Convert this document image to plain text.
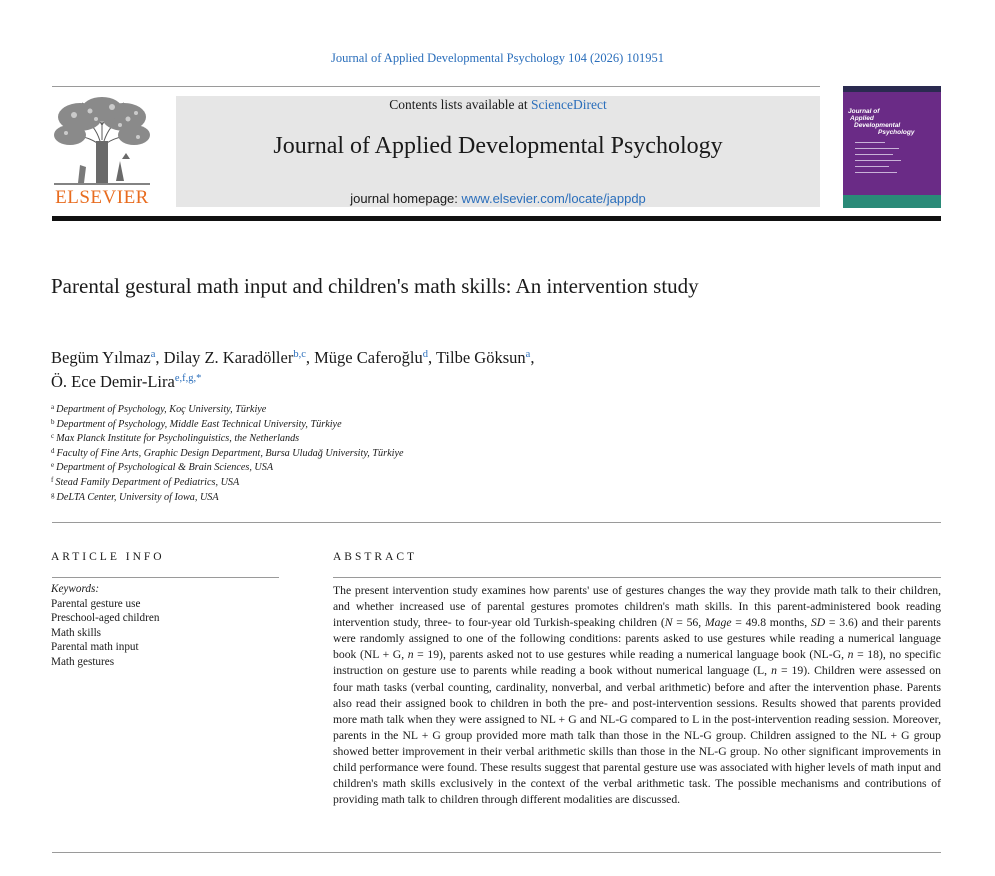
Journal of Applied Developmental Psychology 104 (2026) 101951
ELSEVIER
Contents lists available at ScienceDirect
Journal of Applied Developmental Psychology
journal homepage: www.elsevier.com/locate/jappdp
Journal of
Applied
Developmental
Psychology
Parental gestural math input and children's math skills: An intervention study
Begüm Yılmaz$^a$, Dilay Z. Karadöller$^{b,c}$, Müge Caferoğlu$^d$, Tilbe Göksun$^a$,
Ö. Ece Demir-Lira$^{e,f,g,*}$
$^a$ Department of Psychology, Koç University, Türkiye
$^b$ Department of Psychology, Middle East Technical University, Türkiye
$^c$ Max Planck Institute for Psycholinguistics, the Netherlands
$^d$ Faculty of Fine Arts, Graphic Design Department, Bursa Uludağ University, Türkiye
$^e$ Department of Psychological & Brain Sciences, USA
$^f$ Stead Family Department of Pediatrics, USA
$^g$ DeLTA Center, University of Iowa, USA
ARTICLE INFO
Keywords:
Parental gesture use
Preschool-aged children
Math skills
Parental math input
Math gestures
ABSTRACT
The present intervention study examines how parents' use of gestures changes the way they provide math talk to their children, and whether increased use of parental gestures promotes children's math skills. In this parent-administered book reading intervention study, three- to four-year old Turkish-speaking children (N = 56, Mage = 49.8 months, SD = 3.6) and their parents were randomly assigned to one of the following conditions: parents asked to use gestures while reading a numerical language book (NL + G, n = 19), parents asked not to use gestures while reading a numerical language book (NL-G, n = 18), no specific instruction on gesture use to parents while reading a book without numerical language (L, n = 19). Children were assessed on four math tasks (verbal counting, cardinality, nonverbal, and verbal arithmetic) before and after the intervention phase. Parents also read their assigned book to children in both the pre- and post-intervention sessions. Results showed that parents provided more math talk when they were assigned to NL + G and NL-G compared to L in the post-intervention reading session. Moreover, parents in the NL + G group provided more math talk than those in the NL-G group. Children assigned to the NL + G group showed better improvement in their verbal arithmetic skills than those in the NL-G group. No other significant improvements in child performance were found. These results suggest that parental gesture use was associated with higher levels of math input and children's math skills exclusively in the context of the verbal arithmetic task. The possible mechanisms and contributions of providing math talk to children through different modalities are discussed.
